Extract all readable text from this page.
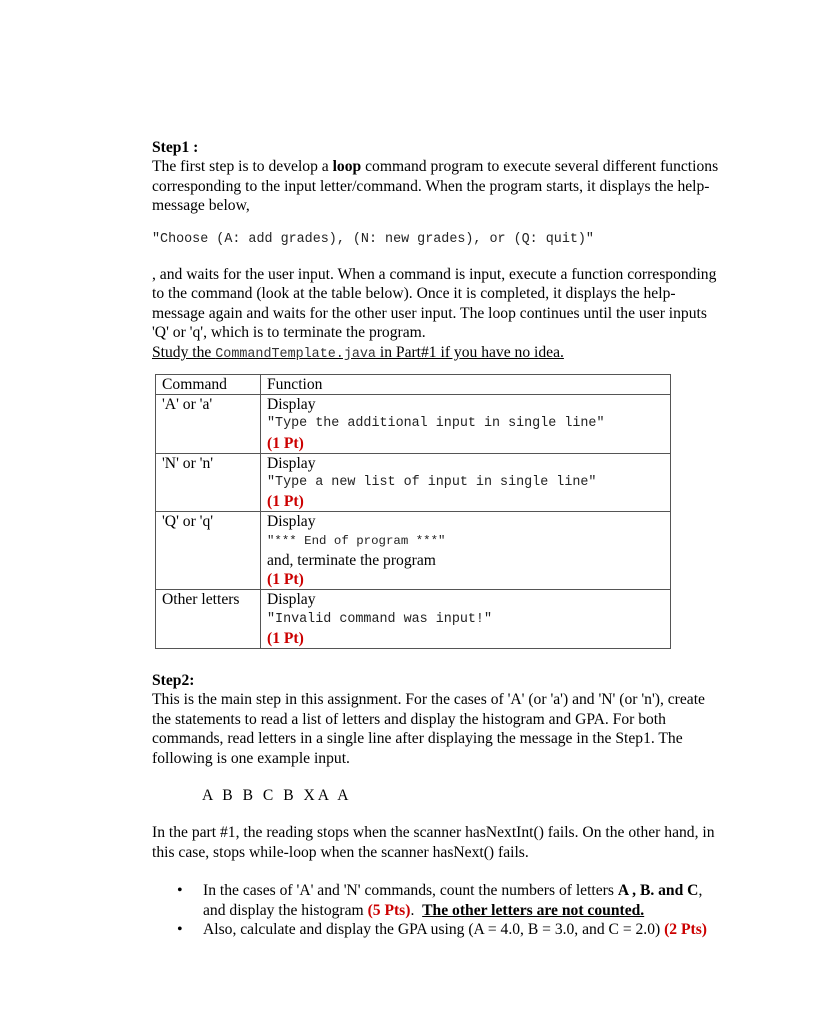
Step1 :

The first step is to develop a loop command program to execute several different functions corresponding to the input letter/command. When the program starts, it displays the help-message below,

"Choose (A: add grades), (N: new grades), or (Q: quit)"

, and waits for the user input. When a command is input, execute a function corresponding to the command (look at the table below). Once it is completed, it displays the help-message again and waits for the other user input. The loop continues until the user inputs 'Q' or 'q', which is to terminate the program.

Study the CommandTemplate.java in Part#1 if you have no idea.

Command	Function
'A' or 'a'	Display
"Type the additional input in single line"
(1 Pt)

'N' or 'n'	Display
"Type a new list of input in single line"
(1 Pt)

'Q' or 'q'	Display
"*** End of program ***"
and, terminate the program
(1 Pt)

Other letters	Display
"Invalid command was input!"
(1 Pt)

Step2:

This is the main step in this assignment. For the cases of 'A' (or 'a') and 'N' (or 'n'), create the statements to read a list of letters and display the histogram and GPA. For both commands, read letters in a single line after displaying the message in the Step1. The following is one example input.

A B B C B XA A

In the part #1, the reading stops when the scanner hasNextInt() fails. On the other hand, in this case, stops while-loop when the scanner hasNext() fails.

• In the cases of 'A' and 'N' commands, count the numbers of letters A , B. and C, and display the histogram (5 Pts).  The other letters are not counted.
• Also, calculate and display the GPA using (A = 4.0, B = 3.0, and C = 2.0) (2 Pts)
